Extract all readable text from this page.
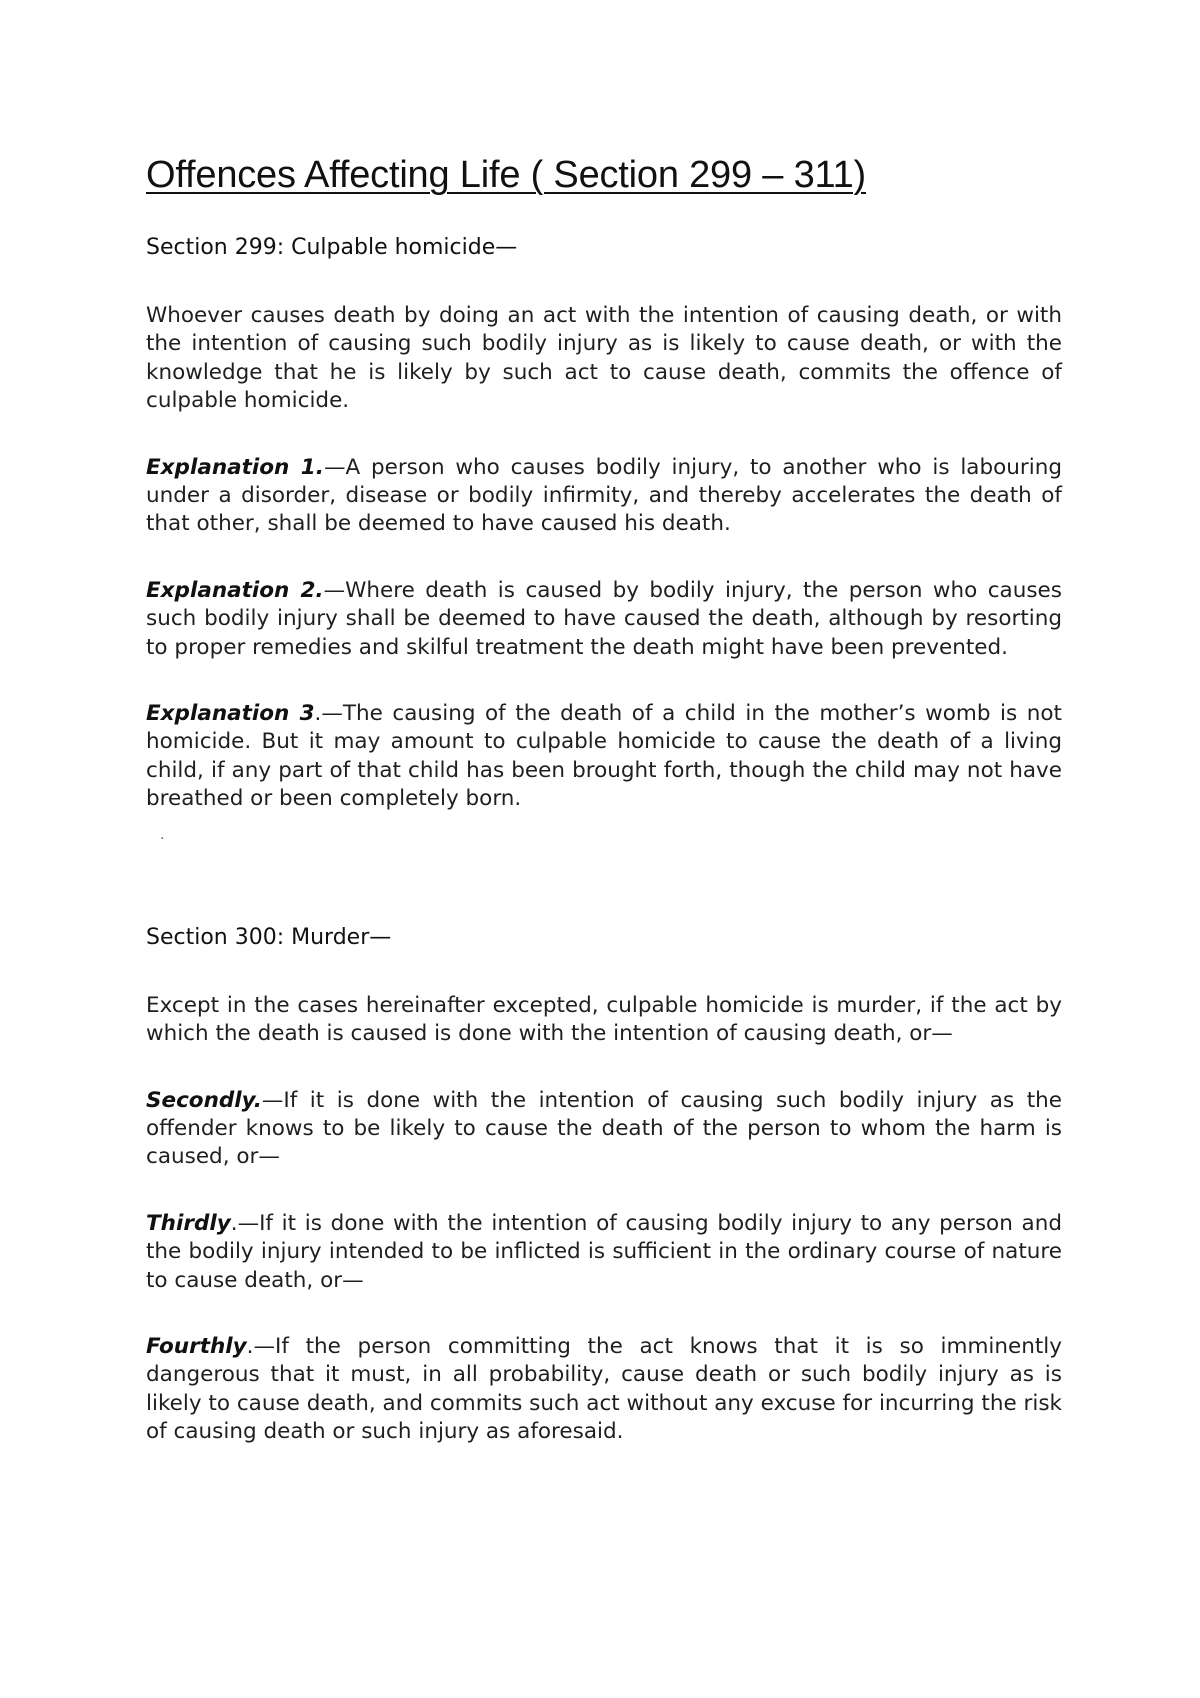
Offences Affecting Life ( Section 299 – 311)
Section 299: Culpable homicide—

Whoever causes death by doing an act with the intention of causing death, or with the intention of causing such bodily injury as is likely to cause death, or with the knowledge that he is likely by such act to cause death, commits the offence of culpable homicide.

Explanation 1.—A person who causes bodily injury, to another who is labouring under a disorder, disease or bodily infirmity, and thereby accelerates the death of that other, shall be deemed to have caused his death.

Explanation 2.—Where death is caused by bodily injury, the person who causes such bodily injury shall be deemed to have caused the death, although by resorting to proper remedies and skilful treatment the death might have been prevented.

Explanation 3.—The causing of the death of a child in the mother’s womb is not homicide. But it may amount to culpable homicide to cause the death of a living child, if any part of that child has been brought forth, though the child may not have breathed or been completely born.

.
Section 300: Murder—

Except in the cases hereinafter excepted, culpable homicide is murder, if the act by which the death is caused is done with the intention of causing death, or—

Secondly.—If it is done with the intention of causing such bodily injury as the offender knows to be likely to cause the death of the person to whom the harm is caused, or—

Thirdly.—If it is done with the intention of causing bodily injury to any person and the bodily injury intended to be inflicted is sufficient in the ordinary course of nature to cause death, or—

Fourthly.—If the person committing the act knows that it is so imminently dangerous that it must, in all probability, cause death or such bodily injury as is likely to cause death, and commits such act without any excuse for incurring the risk of causing death or such injury as aforesaid.
